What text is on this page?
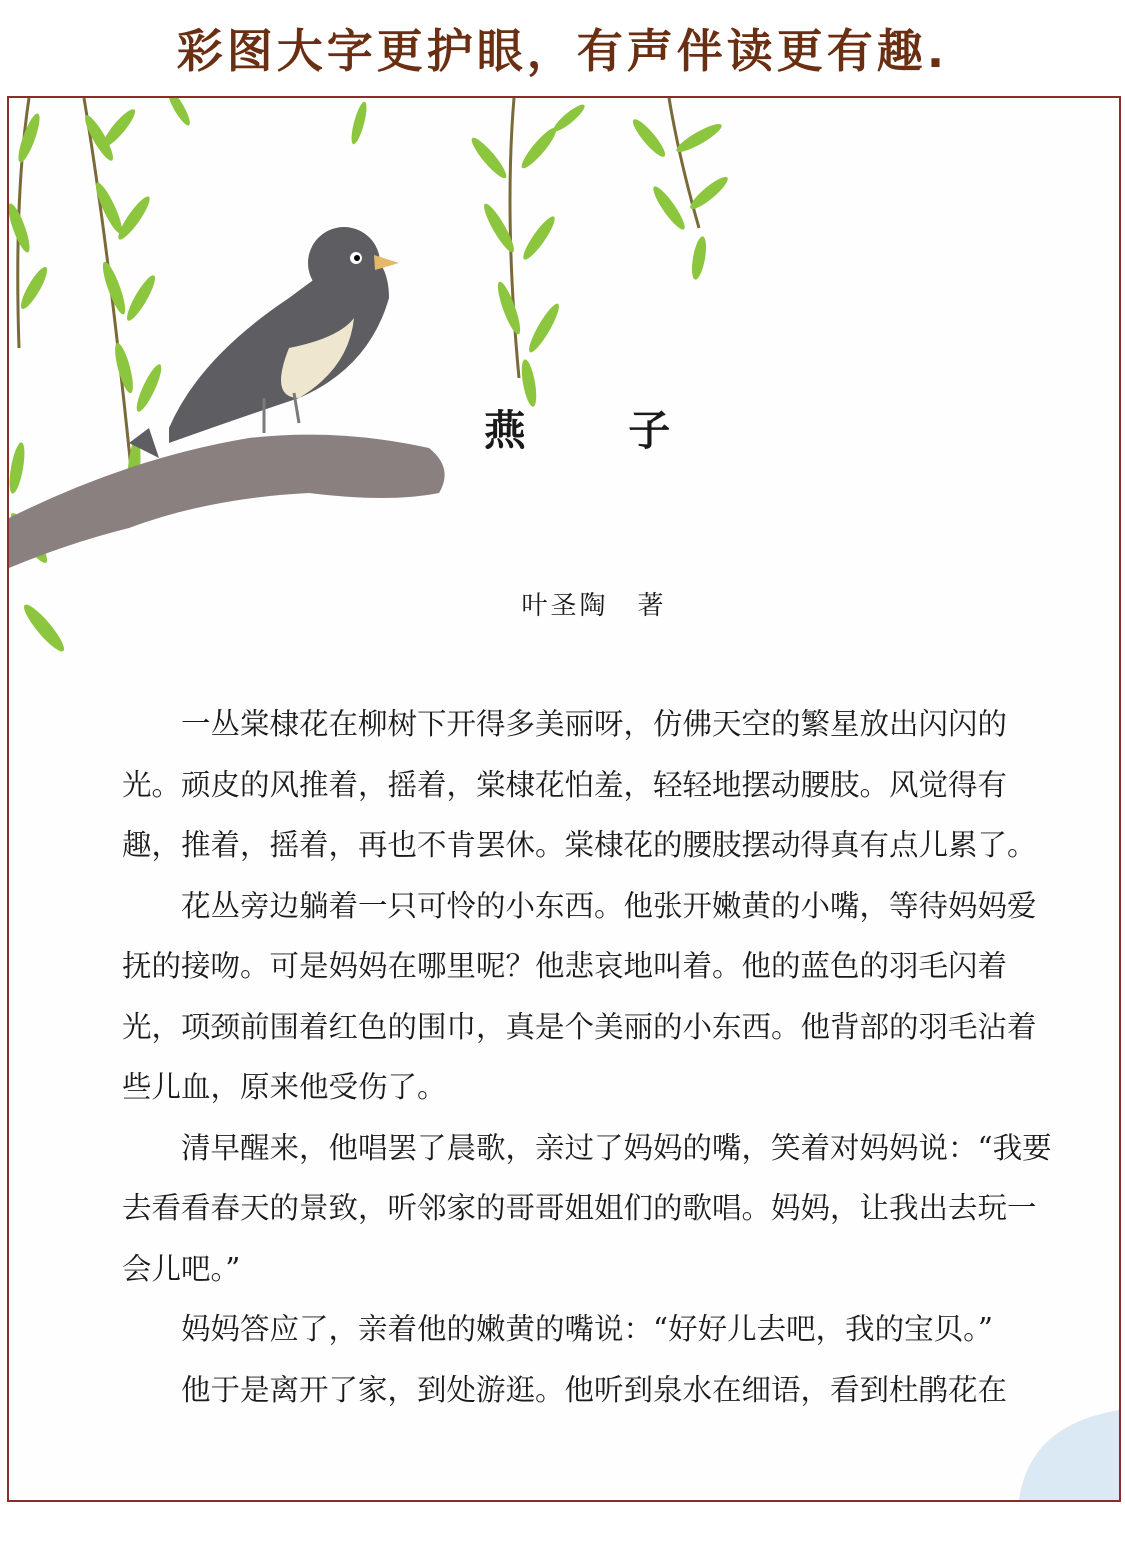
彩图大字更护眼，有声伴读更有趣.
燕 子
叶圣陶　著

一丛棠棣花在柳树下开得多美丽呀，仿佛天空的繁星放出闪闪的光。顽皮的风推着，摇着，棠棣花怕羞，轻轻地摆动腰肢。风觉得有趣，推着，摇着，再也不肯罢休。棠棣花的腰肢摆动得真有点儿累了。

花丛旁边躺着一只可怜的小东西。他张开嫩黄的小嘴，等待妈妈爱抚的接吻。可是妈妈在哪里呢？他悲哀地叫着。他的蓝色的羽毛闪着光，项颈前围着红色的围巾，真是个美丽的小东西。他背部的羽毛沾着些儿血，原来他受伤了。

清早醒来，他唱罢了晨歌，亲过了妈妈的嘴，笑着对妈妈说：“我要去看看春天的景致，听邻家的哥哥姐姐们的歌唱。妈妈，让我出去玩一会儿吧。”

妈妈答应了，亲着他的嫩黄的嘴说：“好好儿去吧，我的宝贝。”

他于是离开了家，到处游逛。他听到泉水在细语，看到杜鹃花在
